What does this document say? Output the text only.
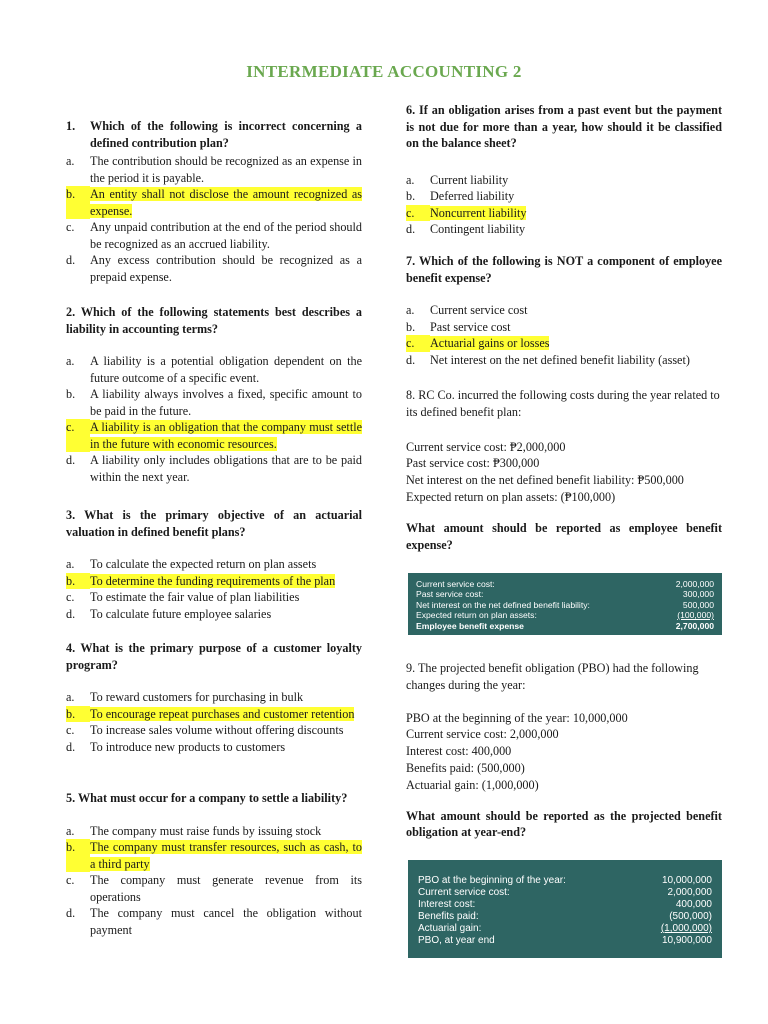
INTERMEDIATE ACCOUNTING 2
1.	Which of the following is incorrect concerning a defined contribution plan?
a.	The contribution should be recognized as an expense in the period it is payable.
b.	An entity shall not disclose the amount recognized as expense.
c.	Any unpaid contribution at the end of the period should be recognized as an accrued liability.
d.	Any excess contribution should be recognized as a prepaid expense.
2. Which of the following statements best describes a liability in accounting terms?
a.	A liability is a potential obligation dependent on the future outcome of a specific event.
b.	A liability always involves a fixed, specific amount to be paid in the future.
c.	A liability is an obligation that the company must settle in the future with economic resources.
d.	A liability only includes obligations that are to be paid within the next year.
3. What is the primary objective of an actuarial valuation in defined benefit plans?
a.	To calculate the expected return on plan assets
b.	To determine the funding requirements of the plan
c.	To estimate the fair value of plan liabilities
d.	To calculate future employee salaries
4. What is the primary purpose of a customer loyalty program?
a.	To reward customers for purchasing in bulk
b.	To encourage repeat purchases and customer retention
c.	To increase sales volume without offering discounts
d.	To introduce new products to customers
5. What must occur for a company to settle a liability?
a.	The company must raise funds by issuing stock
b.	The company must transfer resources, such as cash, to a third party
c.	The company must generate revenue from its operations
d.	The company must cancel the obligation without payment
6. If an obligation arises from a past event but the payment is not due for more than a year, how should it be classified on the balance sheet?
a.	Current liability
b.	Deferred liability
c.	Noncurrent liability
d.	Contingent liability
7. Which of the following is NOT a component of employee benefit expense?
a.	Current service cost
b.	Past service cost
c.	Actuarial gains or losses
d.	Net interest on the net defined benefit liability (asset)
8. RC Co. incurred the following costs during the year related to its defined benefit plan:
Current service cost: ₱2,000,000
Past service cost: ₱300,000
Net interest on the net defined benefit liability: ₱500,000
Expected return on plan assets: (₱100,000)
What amount should be reported as employee benefit expense?
Current service cost:	2,000,000
Past service cost:	300,000
Net interest on the net defined benefit liability:	500,000
Expected return on plan assets:	(100,000)
Employee benefit expense	2,700,000
9. The projected benefit obligation (PBO) had the following changes during the year:
PBO at the beginning of the year: 10,000,000
Current service cost: 2,000,000
Interest cost: 400,000
Benefits paid: (500,000)
Actuarial gain: (1,000,000)
What amount should be reported as the projected benefit obligation at year-end?
PBO at the beginning of the year:	10,000,000
Current service cost:	2,000,000
Interest cost:	400,000
Benefits paid:	(500,000)
Actuarial gain:	(1,000,000)
PBO, at year end	10,900,000
